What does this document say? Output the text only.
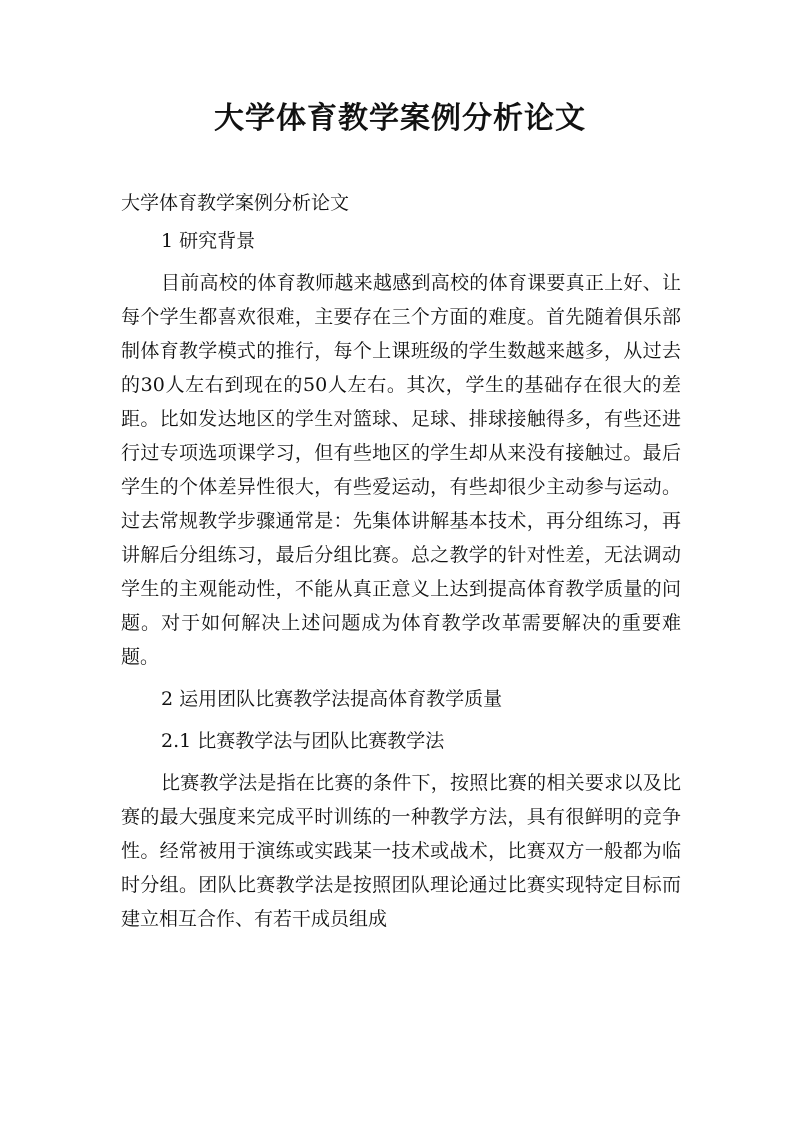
大学体育教学案例分析论文

大学体育教学案例分析论文

1 研究背景

目前高校的体育教师越来越感到高校的体育课要真正上好、让每个学生都喜欢很难，主要存在三个方面的难度。首先随着俱乐部制体育教学模式的推行，每个上课班级的学生数越来越多，从过去的30人左右到现在的50人左右。其次，学生的基础存在很大的差距。比如发达地区的学生对篮球、足球、排球接触得多，有些还进行过专项选项课学习，但有些地区的学生却从来没有接触过。最后学生的个体差异性很大，有些爱运动，有些却很少主动参与运动。过去常规教学步骤通常是：先集体讲解基本技术，再分组练习，再讲解后分组练习，最后分组比赛。总之教学的针对性差，无法调动学生的主观能动性，不能从真正意义上达到提高体育教学质量的问题。对于如何解决上述问题成为体育教学改革需要解决的重要难题。

2 运用团队比赛教学法提高体育教学质量

2.1 比赛教学法与团队比赛教学法

比赛教学法是指在比赛的条件下，按照比赛的相关要求以及比赛的最大强度来完成平时训练的一种教学方法，具有很鲜明的竞争性。经常被用于演练或实践某一技术或战术，比赛双方一般都为临时分组。团队比赛教学法是按照团队理论通过比赛实现特定目标而建立相互合作、有若干成员组成
